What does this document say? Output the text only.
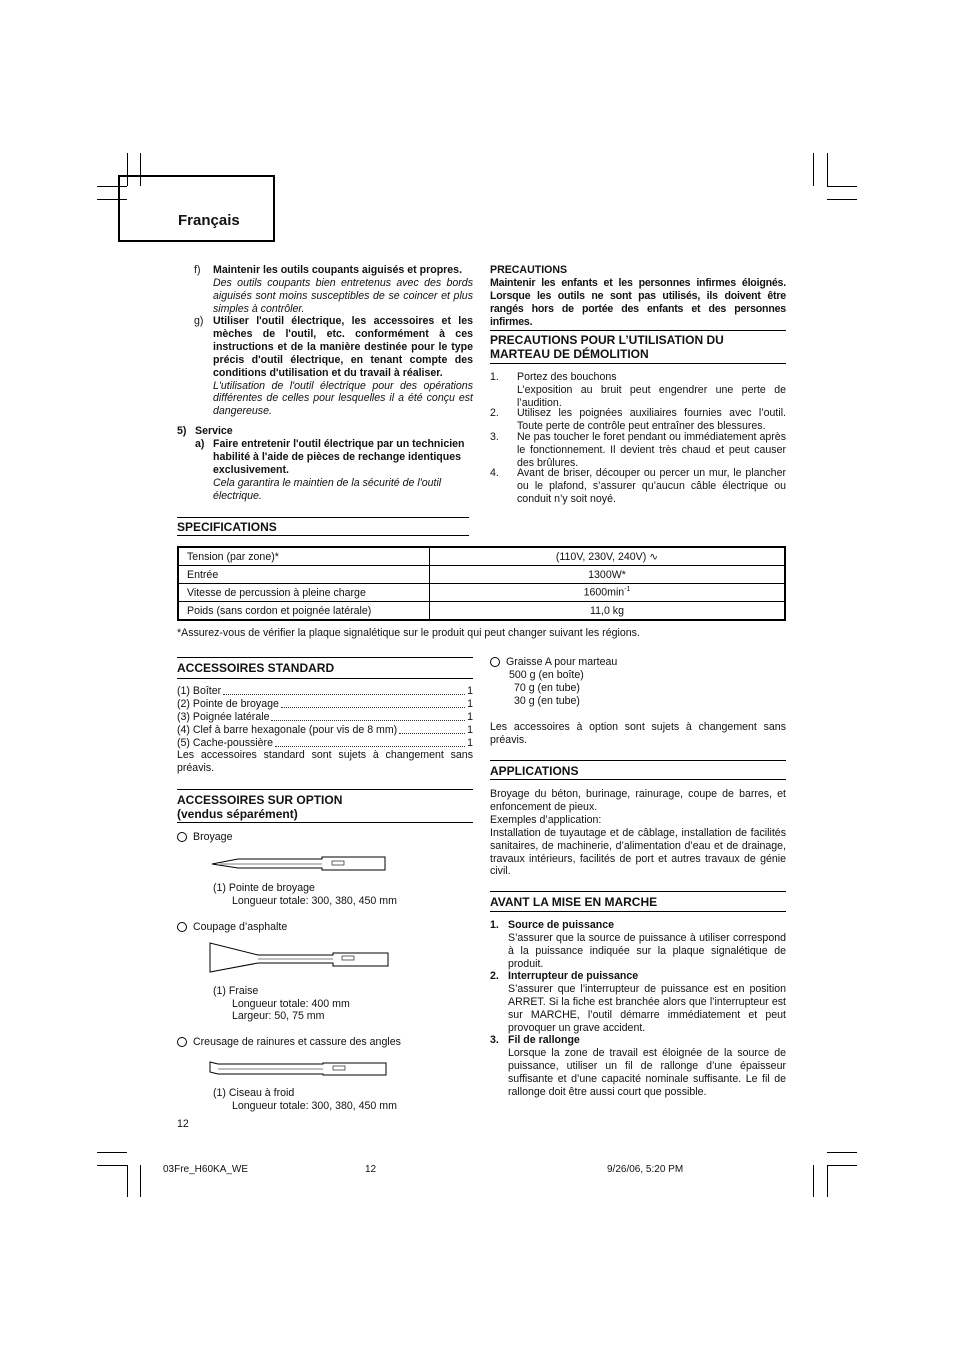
Français
f) Maintenir les outils coupants aiguisés et propres.
Des outils coupants bien entretenus avec des bords aiguisés sont moins susceptibles de se coincer et plus simples à contrôler.
g) Utiliser l'outil électrique, les accessoires et les mèches de l'outil, etc. conformément à ces instructions et de la manière destinée pour le type précis d'outil électrique, en tenant compte des conditions d'utilisation et du travail à réaliser.
L'utilisation de l'outil électrique pour des opérations différentes de celles pour lesquelles il a été conçu est dangereuse.
5) Service
a) Faire entretenir l'outil électrique par un technicien habilité à l'aide de pièces de rechange identiques exclusivement.
Cela garantira le maintien de la sécurité de l'outil électrique.
PRECAUTIONS
Maintenir les enfants et les personnes infirmes éloignés. Lorsque les outils ne sont pas utilisés, ils doivent être rangés hors de portée des enfants et des personnes infirmes.
PRECAUTIONS POUR L’UTILISATION DU
MARTEAU DE DÉMOLITION
1. Portez des bouchons
L’exposition au bruit peut engendrer une perte de l’audition.
2. Utilisez les poignées auxiliaires fournies avec l’outil. Toute perte de contrôle peut entraîner des blessures.
3. Ne pas toucher le foret pendant ou immédiatement après le fonctionnement. Il devient très chaud et peut causer des brûlures.
4. Avant de briser, découper ou percer un mur, le plancher ou le plafond, s’assurer qu’aucun câble électrique ou conduit n’y soit noyé.
SPECIFICATIONS
Tension (par zone)*	(110V, 230V, 240V) ∿
Entrée	1300W*
Vitesse de percussion à pleine charge	$1600\min^{-1}$
Poids (sans cordon et poignée latérale)	11,0 kg
*Assurez-vous de vérifier la plaque signalétique sur le produit qui peut changer suivant les régions.
ACCESSOIRES STANDARD
(1) Boîter	1
(2) Pointe de broyage	1
(3) Poignée latérale	1
(4) Clef à barre hexagonale (pour vis de 8 mm)	1
(5) Cache-poussière	1
Les accessoires standard sont sujets à changement sans préavis.
ACCESSOIRES SUR OPTION
(vendus séparément)
Broyage
(1) Pointe de broyage
Longueur totale: 300, 380, 450 mm
Coupage d’asphalte
(1) Fraise
Longueur totale: 400 mm
Largeur: 50, 75 mm
Creusage de rainures et cassure des angles
(1) Ciseau à froid
Longueur totale: 300, 380, 450 mm
12
Graisse A pour marteau
500 g (en boîte)
70 g (en tube)
30 g (en tube)
Les accessoires à option sont sujets à changement sans préavis.
APPLICATIONS
Broyage du béton, burinage, rainurage, coupe de barres, et enfoncement de pieux.
Exemples d’application:
Installation de tuyautage et de câblage, installation de facilités sanitaires, de machinerie, d’alimentation d’eau et de drainage, travaux intérieurs, facilités de port et autres travaux de génie civil.
AVANT LA MISE EN MARCHE
1. Source de puissance
S’assurer que la source de puissance à utiliser correspond à la puissance indiquée sur la plaque signalétique de produit.
2. Interrupteur de puissance
S’assurer que l’interrupteur de puissance est en position ARRET. Si la fiche est branchée alors que l’interrupteur est sur MARCHE, l’outil démarre immédiatement et peut provoquer un grave accident.
3. Fil de rallonge
Lorsque la zone de travail est éloignée de la source de puissance, utiliser un fil de rallonge d’une épaisseur suffisante et d’une capacité nominale suffisante. Le fil de rallonge doit être aussi court que possible.
03Fre_H60KA_WE	12	9/26/06, 5:20 PM
